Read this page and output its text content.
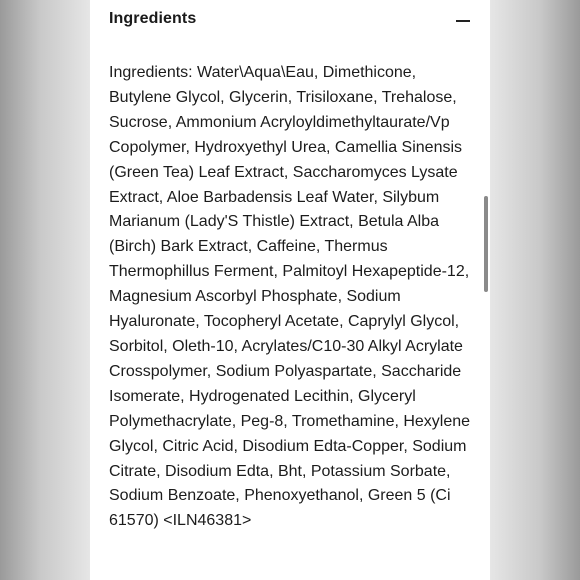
Ingredients

Ingredients: Water\Aqua\Eau, Dimethicone, Butylene Glycol, Glycerin, Trisiloxane, Trehalose, Sucrose, Ammonium Acryloyldimethyltaurate/Vp Copolymer, Hydroxyethyl Urea, Camellia Sinensis (Green Tea) Leaf Extract, Saccharomyces Lysate Extract, Aloe Barbadensis Leaf Water, Silybum Marianum (Lady'S Thistle) Extract, Betula Alba (Birch) Bark Extract, Caffeine, Thermus Thermophillus Ferment, Palmitoyl Hexapeptide-12, Magnesium Ascorbyl Phosphate, Sodium Hyaluronate, Tocopheryl Acetate, Caprylyl Glycol, Sorbitol, Oleth-10, Acrylates/C10-30 Alkyl Acrylate Crosspolymer, Sodium Polyaspartate, Saccharide Isomerate, Hydrogenated Lecithin, Glyceryl Polymethacrylate, Peg-8, Tromethamine, Hexylene Glycol, Citric Acid, Disodium Edta-Copper, Sodium Citrate, Disodium Edta, Bht, Potassium Sorbate, Sodium Benzoate, Phenoxyethanol, Green 5 (Ci 61570) <ILN46381>
